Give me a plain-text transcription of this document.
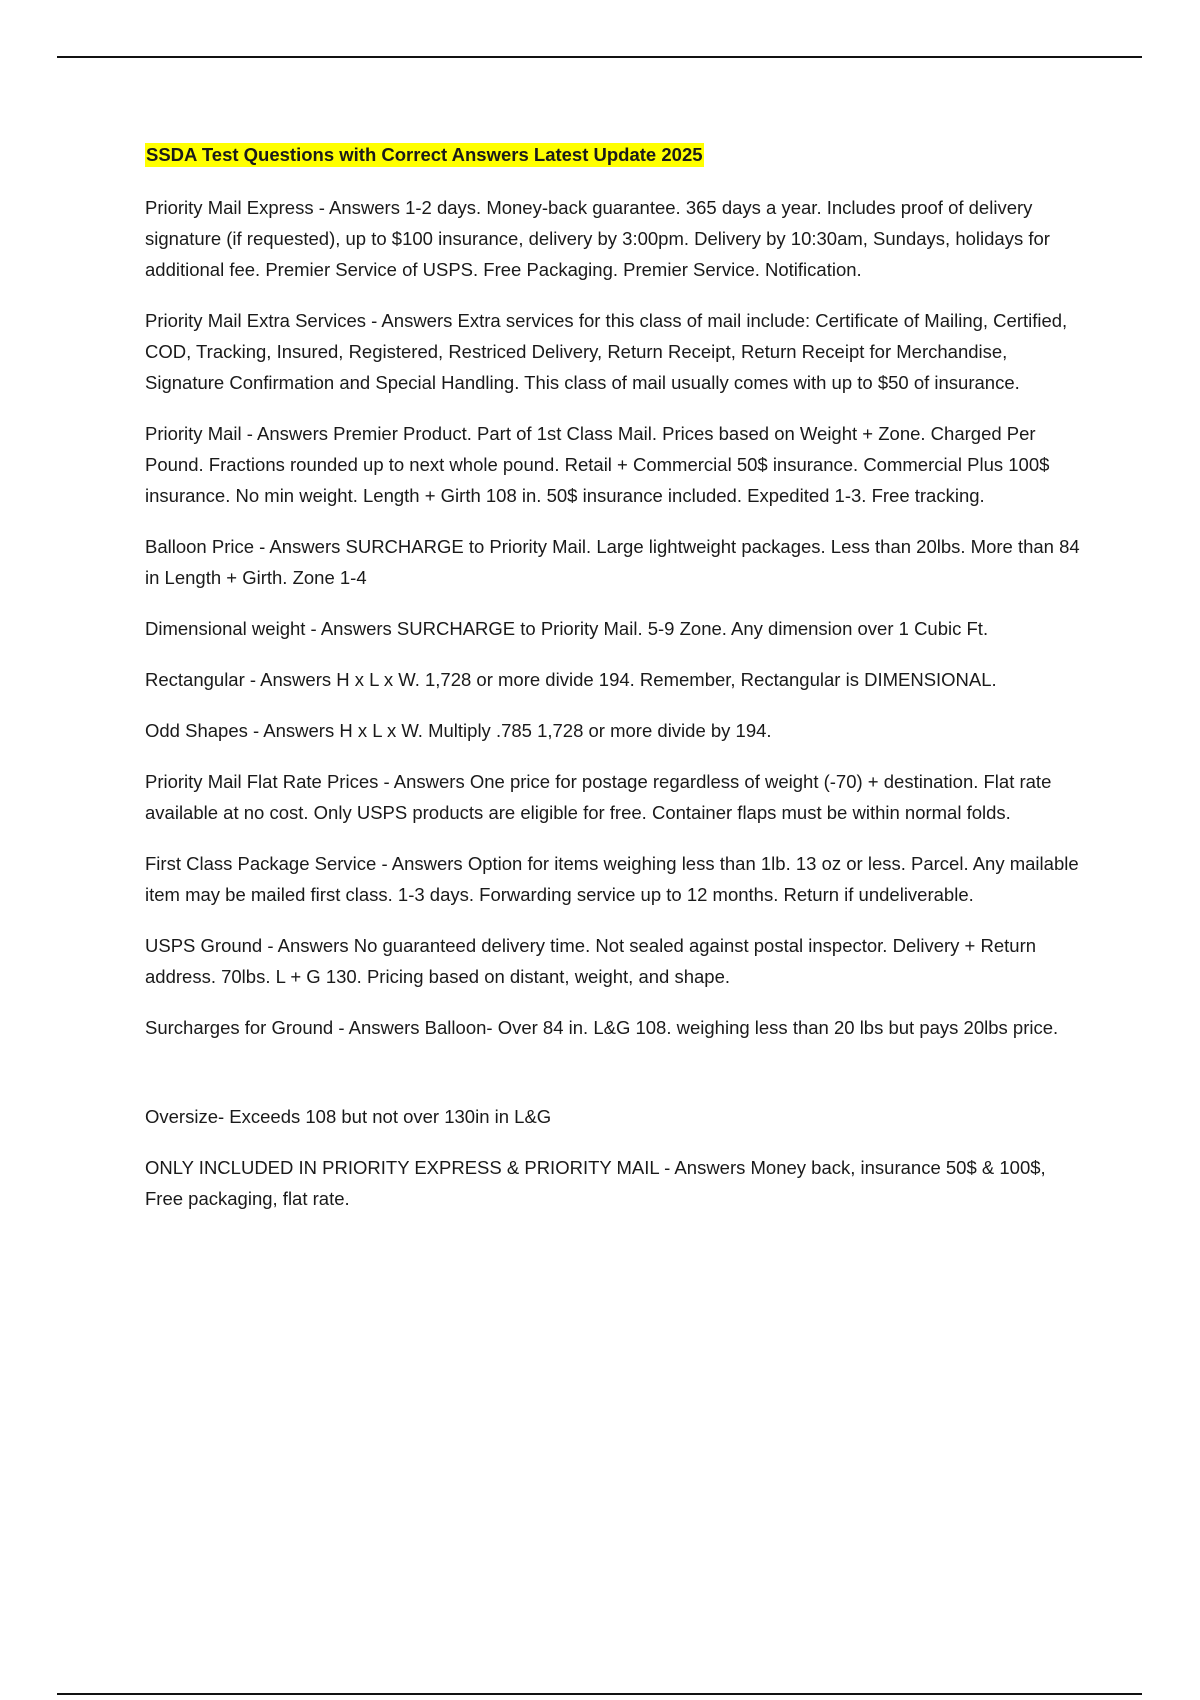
SSDA Test Questions with Correct Answers Latest Update 2025

Priority Mail Express - Answers 1-2 days. Money-back guarantee. 365 days a year. Includes proof of delivery signature (if requested), up to $100 insurance, delivery by 3:00pm. Delivery by 10:30am, Sundays, holidays for additional fee. Premier Service of USPS. Free Packaging. Premier Service. Notification.

Priority Mail Extra Services - Answers Extra services for this class of mail include: Certificate of Mailing, Certified, COD, Tracking, Insured, Registered, Restriced Delivery, Return Receipt, Return Receipt for Merchandise, Signature Confirmation and Special Handling. This class of mail usually comes with up to $50 of insurance.

Priority Mail - Answers Premier Product. Part of 1st Class Mail. Prices based on Weight + Zone. Charged Per Pound. Fractions rounded up to next whole pound. Retail + Commercial 50$ insurance. Commercial Plus 100$ insurance. No min weight. Length + Girth 108 in. 50$ insurance included. Expedited 1-3. Free tracking.

Balloon Price - Answers SURCHARGE to Priority Mail. Large lightweight packages. Less than 20lbs. More than 84 in Length + Girth. Zone 1-4

Dimensional weight - Answers SURCHARGE to Priority Mail. 5-9 Zone. Any dimension over 1 Cubic Ft.

Rectangular - Answers H x L x W. 1,728 or more divide 194. Remember, Rectangular is DIMENSIONAL.

Odd Shapes - Answers H x L x W. Multiply .785 1,728 or more divide by 194.

Priority Mail Flat Rate Prices - Answers One price for postage regardless of weight (-70) + destination. Flat rate available at no cost. Only USPS products are eligible for free. Container flaps must be within normal folds.

First Class Package Service - Answers Option for items weighing less than 1lb. 13 oz or less. Parcel. Any mailable item may be mailed first class. 1-3 days. Forwarding service up to 12 months. Return if undeliverable.

USPS Ground - Answers No guaranteed delivery time. Not sealed against postal inspector. Delivery + Return address. 70lbs. L + G 130. Pricing based on distant, weight, and shape.

Surcharges for Ground - Answers Balloon- Over 84 in. L&G 108. weighing less than 20 lbs but pays 20lbs price.

Oversize- Exceeds 108 but not over 130in in L&G

ONLY INCLUDED IN PRIORITY EXPRESS & PRIORITY MAIL - Answers Money back, insurance 50$ & 100$, Free packaging, flat rate.
